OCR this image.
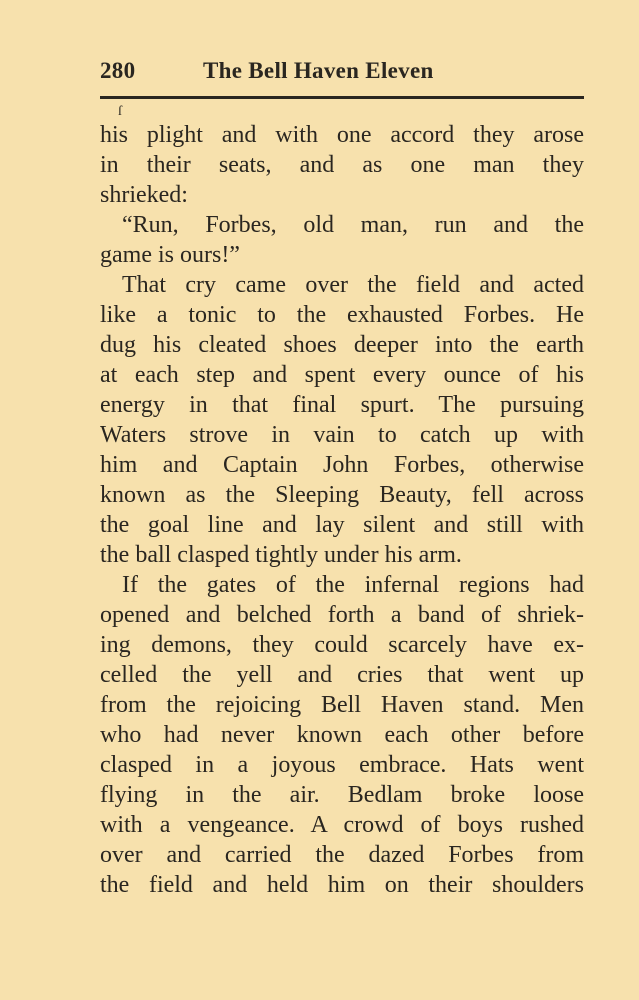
280	The Bell Haven Eleven
ſ
his plight and with one accord they arose
in their seats, and as one man they
shrieked:
“Run, Forbes, old man, run and the
game is ours!”
That cry came over the field and acted
like a tonic to the exhausted Forbes. He
dug his cleated shoes deeper into the earth
at each step and spent every ounce of his
energy in that final spurt. The pursuing
Waters strove in vain to catch up with
him and Captain John Forbes, otherwise
known as the Sleeping Beauty, fell across
the goal line and lay silent and still with
the ball clasped tightly under his arm.
If the gates of the infernal regions had
opened and belched forth a band of shriek-
ing demons, they could scarcely have ex-
celled the yell and cries that went up
from the rejoicing Bell Haven stand. Men
who had never known each other before
clasped in a joyous embrace. Hats went
flying in the air. Bedlam broke loose
with a vengeance. A crowd of boys rushed
over and carried the dazed Forbes from
the field and held him on their shoulders
